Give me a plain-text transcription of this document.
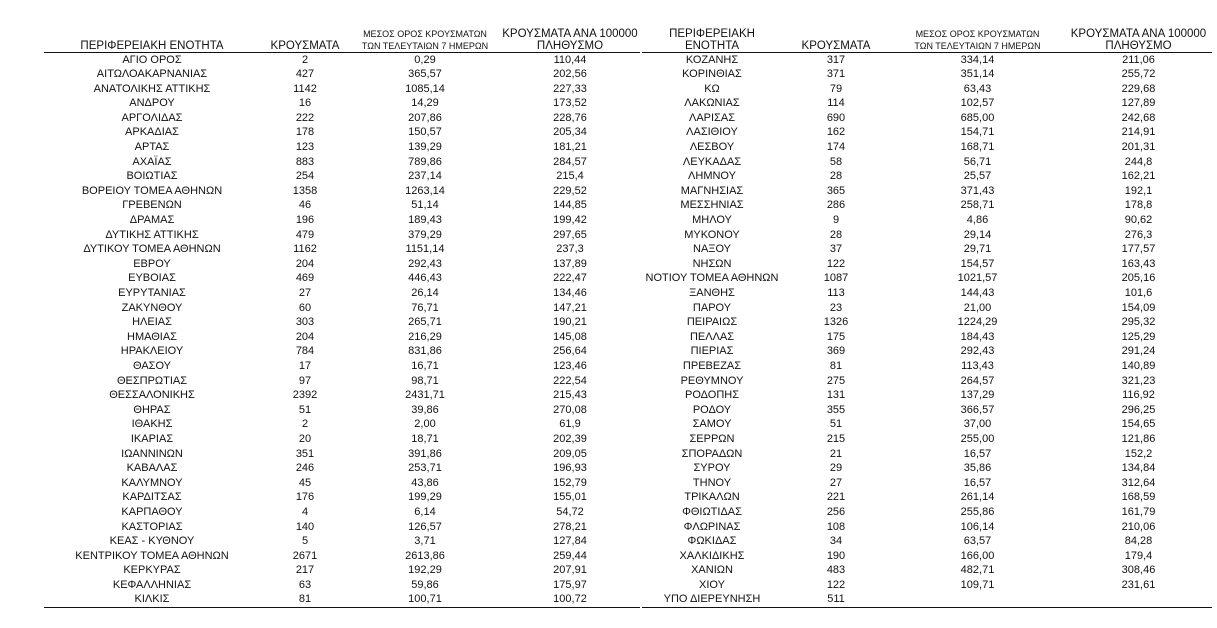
ΠΕΡΙΦΕΡΕΙΑΚΗ ΕΝΟΤΗΤΑ	ΚΡΟΥΣΜΑΤΑ	ΜΕΣΟΣ ΟΡΟΣ ΚΡΟΥΣΜΑΤΩΝ
ΤΩΝ ΤΕΛΕΥΤΑΙΩΝ 7 ΗΜΕΡΩΝ	ΚΡΟΥΣΜΑΤΑ ΑΝΑ 100000
ΠΛΗΘΥΣΜΟ
ΑΓΙΟ ΟΡΟΣ	2	0,29	110,44
ΑΙΤΩΛΟΑΚΑΡΝΑΝΙΑΣ	427	365,57	202,56
ΑΝΑΤΟΛΙΚΗΣ ΑΤΤΙΚΗΣ	1142	1085,14	227,33
ΑΝΔΡΟΥ	16	14,29	173,52
ΑΡΓΟΛΙΔΑΣ	222	207,86	228,76
ΑΡΚΑΔΙΑΣ	178	150,57	205,34
ΑΡΤΑΣ	123	139,29	181,21
ΑΧΑΪΑΣ	883	789,86	284,57
ΒΟΙΩΤΙΑΣ	254	237,14	215,4
ΒΟΡΕΙΟΥ ΤΟΜΕΑ ΑΘΗΝΩΝ	1358	1263,14	229,52
ΓΡΕΒΕΝΩΝ	46	51,14	144,85
ΔΡΑΜΑΣ	196	189,43	199,42
ΔΥΤΙΚΗΣ ΑΤΤΙΚΗΣ	479	379,29	297,65
ΔΥΤΙΚΟΥ ΤΟΜΕΑ ΑΘΗΝΩΝ	1162	1151,14	237,3
ΕΒΡΟΥ	204	292,43	137,89
ΕΥΒΟΙΑΣ	469	446,43	222,47
ΕΥΡΥΤΑΝΙΑΣ	27	26,14	134,46
ΖΑΚΥΝΘΟΥ	60	76,71	147,21
ΗΛΕΙΑΣ	303	265,71	190,21
ΗΜΑΘΙΑΣ	204	216,29	145,08
ΗΡΑΚΛΕΙΟΥ	784	831,86	256,64
ΘΑΣΟΥ	17	16,71	123,46
ΘΕΣΠΡΩΤΙΑΣ	97	98,71	222,54
ΘΕΣΣΑΛΟΝΙΚΗΣ	2392	2431,71	215,43
ΘΗΡΑΣ	51	39,86	270,08
ΙΘΑΚΗΣ	2	2,00	61,9
ΙΚΑΡΙΑΣ	20	18,71	202,39
ΙΩΑΝΝΙΝΩΝ	351	391,86	209,05
ΚΑΒΑΛΑΣ	246	253,71	196,93
ΚΑΛΥΜΝΟΥ	45	43,86	152,79
ΚΑΡΔΙΤΣΑΣ	176	199,29	155,01
ΚΑΡΠΑΘΟΥ	4	6,14	54,72
ΚΑΣΤΟΡΙΑΣ	140	126,57	278,21
ΚΕΑΣ - ΚΥΘΝΟΥ	5	3,71	127,84
ΚΕΝΤΡΙΚΟΥ ΤΟΜΕΑ ΑΘΗΝΩΝ	2671	2613,86	259,44
ΚΕΡΚΥΡΑΣ	217	192,29	207,91
ΚΕΦΑΛΛΗΝΙΑΣ	63	59,86	175,97
ΚΙΛΚΙΣ	81	100,71	100,72
ΠΕΡΙΦΕΡΕΙΑΚΗ ΕΝΟΤΗΤΑ	ΚΡΟΥΣΜΑΤΑ	ΜΕΣΟΣ ΟΡΟΣ ΚΡΟΥΣΜΑΤΩΝ
ΤΩΝ ΤΕΛΕΥΤΑΙΩΝ 7 ΗΜΕΡΩΝ	ΚΡΟΥΣΜΑΤΑ ΑΝΑ 100000
ΠΛΗΘΥΣΜΟ
ΚΟΖΑΝΗΣ	317	334,14	211,06
ΚΟΡΙΝΘΙΑΣ	371	351,14	255,72
ΚΩ	79	63,43	229,68
ΛΑΚΩΝΙΑΣ	114	102,57	127,89
ΛΑΡΙΣΑΣ	690	685,00	242,68
ΛΑΣΙΘΙΟΥ	162	154,71	214,91
ΛΕΣΒΟΥ	174	168,71	201,31
ΛΕΥΚΑΔΑΣ	58	56,71	244,8
ΛΗΜΝΟΥ	28	25,57	162,21
ΜΑΓΝΗΣΙΑΣ	365	371,43	192,1
ΜΕΣΣΗΝΙΑΣ	286	258,71	178,8
ΜΗΛΟΥ	9	4,86	90,62
ΜΥΚΟΝΟΥ	28	29,14	276,3
ΝΑΞΟΥ	37	29,71	177,57
ΝΗΣΩΝ	122	154,57	163,43
ΝΟΤΙΟΥ ΤΟΜΕΑ ΑΘΗΝΩΝ	1087	1021,57	205,16
ΞΑΝΘΗΣ	113	144,43	101,6
ΠΑΡΟΥ	23	21,00	154,09
ΠΕΙΡΑΙΩΣ	1326	1224,29	295,32
ΠΕΛΛΑΣ	175	184,43	125,29
ΠΙΕΡΙΑΣ	369	292,43	291,24
ΠΡΕΒΕΖΑΣ	81	113,43	140,89
ΡΕΘΥΜΝΟΥ	275	264,57	321,23
ΡΟΔΟΠΗΣ	131	137,29	116,92
ΡΟΔΟΥ	355	366,57	296,25
ΣΑΜΟΥ	51	37,00	154,65
ΣΕΡΡΩΝ	215	255,00	121,86
ΣΠΟΡΑΔΩΝ	21	16,57	152,2
ΣΥΡΟΥ	29	35,86	134,84
ΤΗΝΟΥ	27	16,57	312,64
ΤΡΙΚΑΛΩΝ	221	261,14	168,59
ΦΘΙΩΤΙΔΑΣ	256	255,86	161,79
ΦΛΩΡΙΝΑΣ	108	106,14	210,06
ΦΩΚΙΔΑΣ	34	63,57	84,28
ΧΑΛΚΙΔΙΚΗΣ	190	166,00	179,4
ΧΑΝΙΩΝ	483	482,71	308,46
ΧΙΟΥ	122	109,71	231,61
ΥΠΟ ΔΙΕΡΕΥΝΗΣΗ	511		
